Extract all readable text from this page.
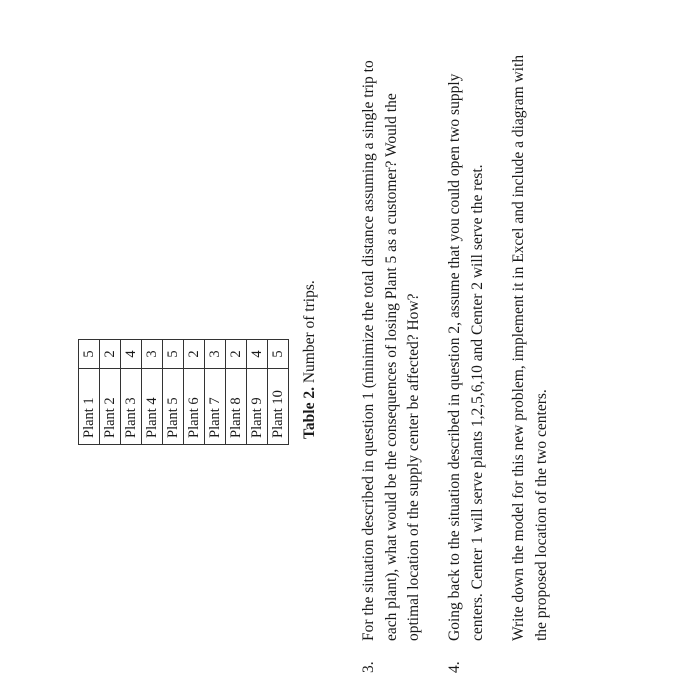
Plant 1	5
Plant 2	2
Plant 3	4
Plant 4	3
Plant 5	5
Plant 6	2
Plant 7	3
Plant 8	2
Plant 9	4
Plant 10	5
Table 2. Number of trips.
3.
For the situation described in question 1 (minimize the total distance assuming a single trip to each plant), what would be the consequences of losing Plant 5 as a customer? Would the optimal location of the supply center be affected? How?
4.
Going back to the situation described in question 2, assume that you could open two supply centers. Center 1 will serve plants 1,2,5,6,10 and Center 2 will serve the rest. Write down the model for this new problem, implement it in Excel and include a diagram with the proposed location of the two centers.
